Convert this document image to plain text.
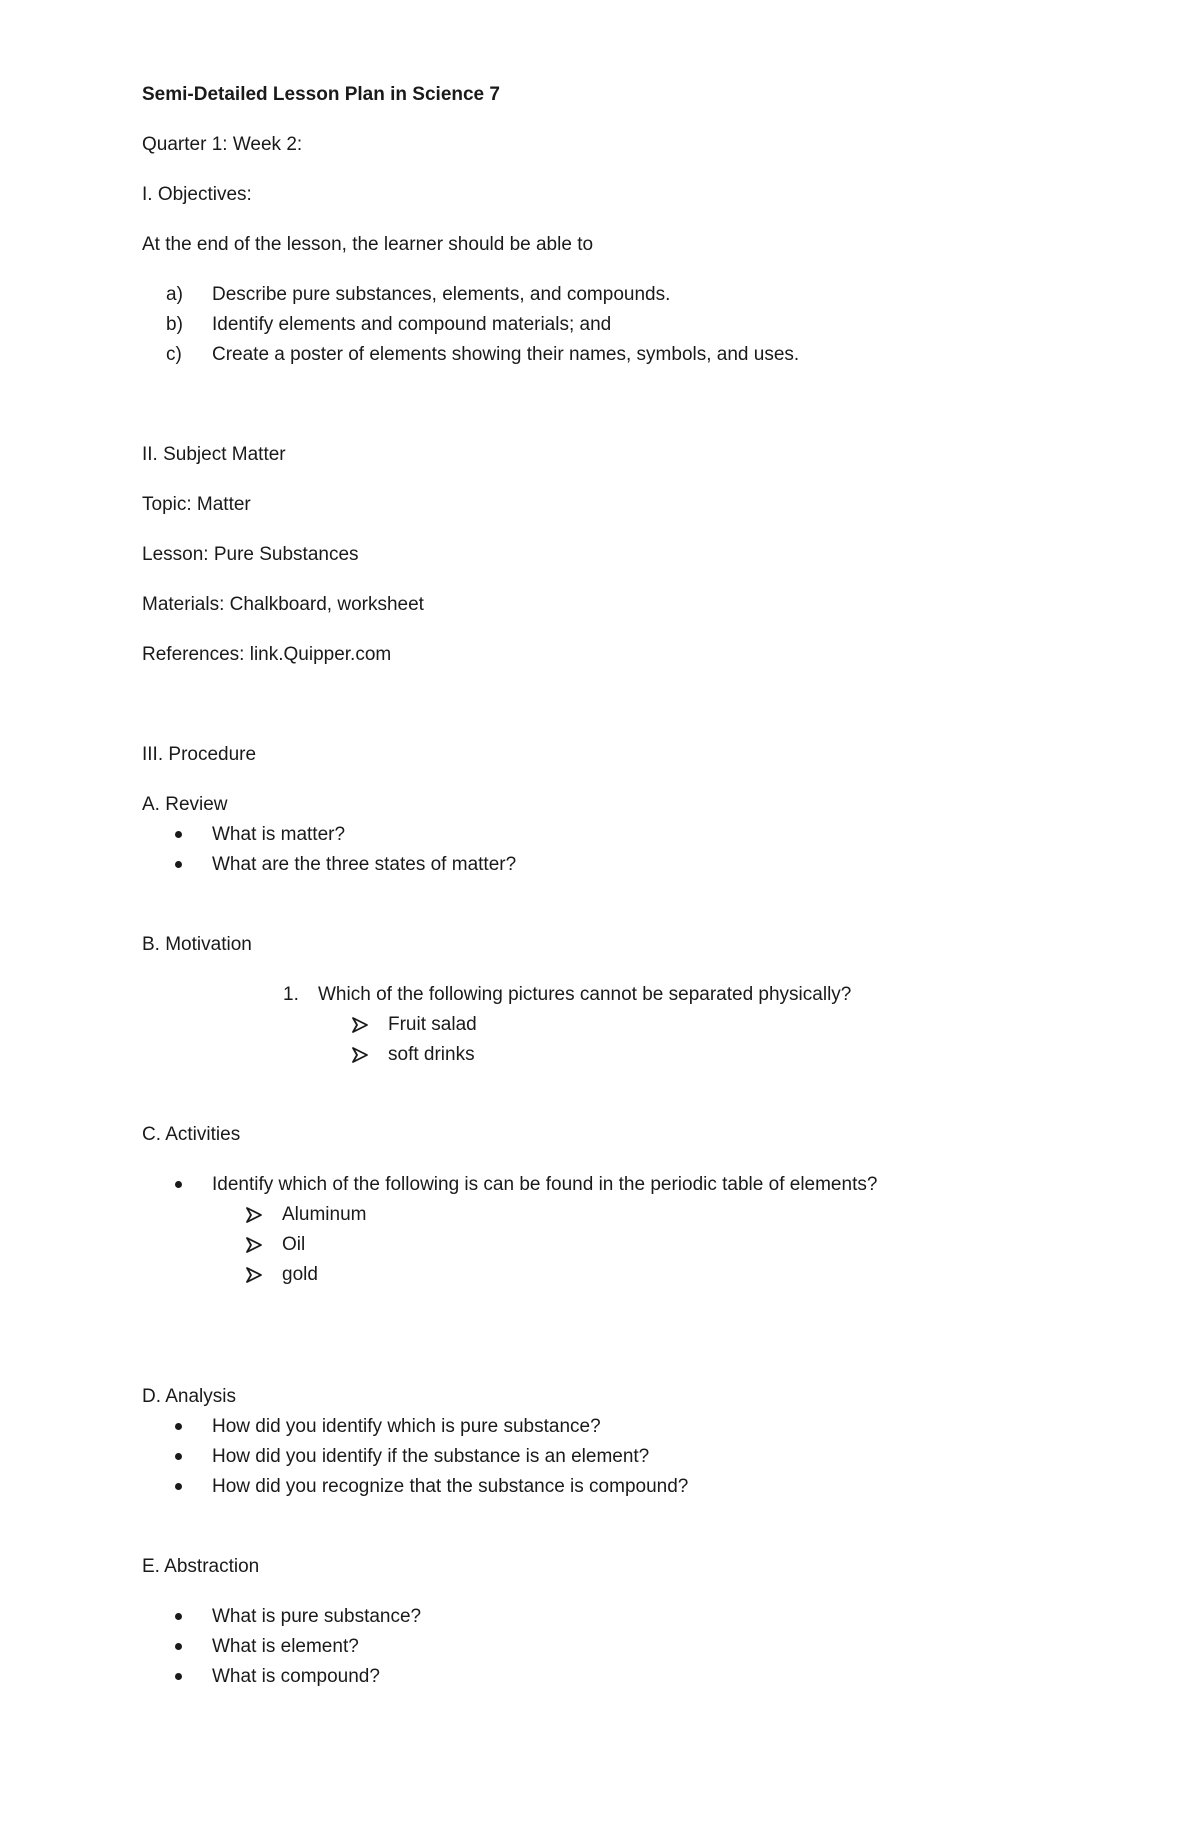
Semi-Detailed Lesson Plan in Science 7
Quarter 1: Week 2:
I. Objectives:
At the end of the lesson, the learner should be able to
a) Describe pure substances, elements, and compounds.
b) Identify elements and compound materials; and
c) Create a poster of elements showing their names, symbols, and uses.
II. Subject Matter
Topic: Matter
Lesson: Pure Substances
Materials: Chalkboard, worksheet
References: link.Quipper.com
III. Procedure
A. Review
What is matter?
What are the three states of matter?
B. Motivation
1. Which of the following pictures cannot be separated physically?
Fruit salad
soft drinks
C. Activities
Identify which of the following is can be found in the periodic table of elements?
Aluminum
Oil
gold
D. Analysis
How did you identify which is pure substance?
How did you identify if the substance is an element?
How did you recognize that the substance is compound?
E. Abstraction
What is pure substance?
What is element?
What is compound?
